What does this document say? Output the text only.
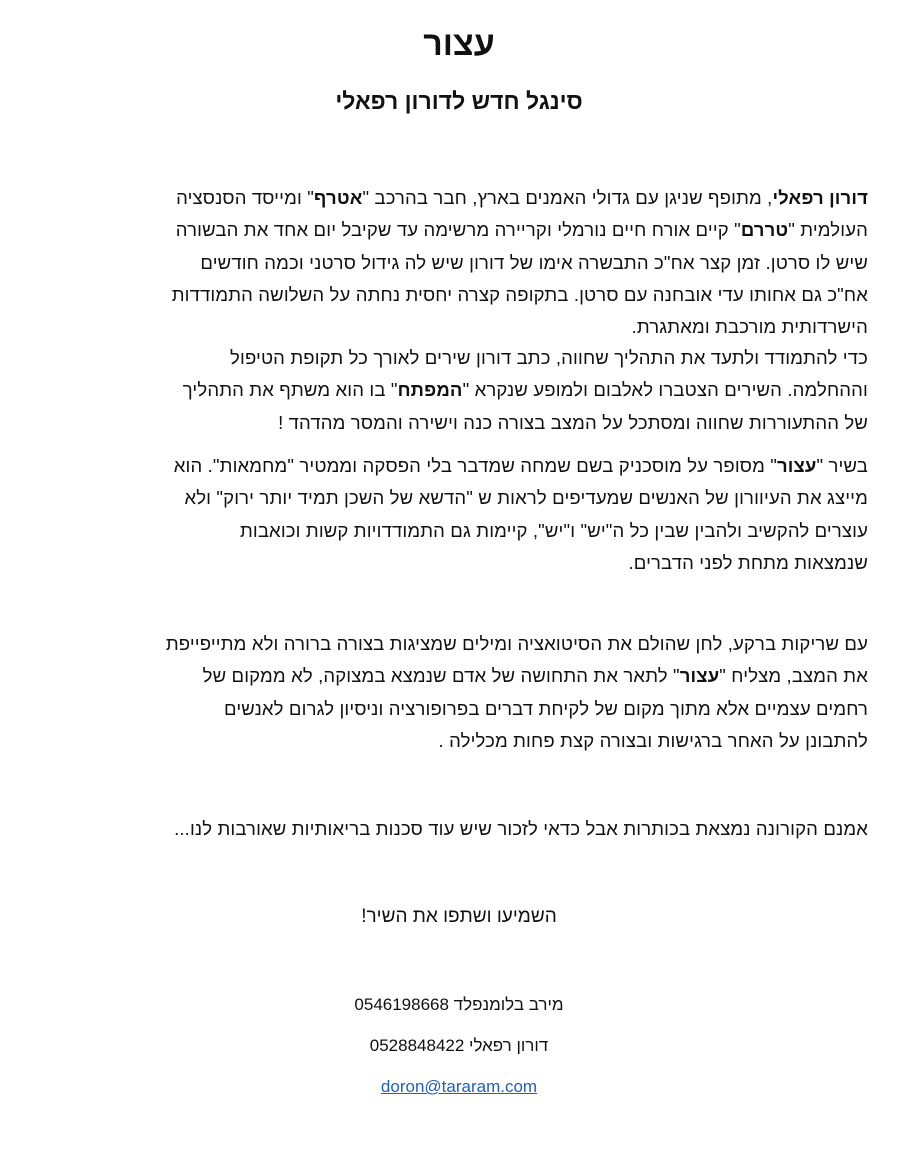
עצור
סינגל חדש לדורון רפאלי
דורון רפאלי, מתופף שניגן עם גדולי האמנים בארץ, חבר בהרכב "אטרף" ומייסד הסנסציה
העולמית "טררם" קיים אורח חיים נורמלי וקריירה מרשימה עד שקיבל יום אחד את הבשורה
שיש לו סרטן. זמן קצר אח"כ התבשרה אימו של דורון שיש לה גידול סרטני וכמה חודשים
אח"כ גם אחותו עדי אובחנה עם סרטן. בתקופה קצרה יחסית נחתה על השלושה התמודדות
הישרדותית מורכבת ומאתגרת.
כדי להתמודד ולתעד את התהליך שחווה, כתב דורון שירים לאורך כל תקופת הטיפול
וההחלמה. השירים הצטברו לאלבום ולמופע שנקרא "המפתח" בו הוא משתף את התהליך
של ההתעוררות שחווה ומסתכל על המצב בצורה כנה וישירה והמסר מהדהד !
בשיר "עצור" מסופר על מוסכניק בשם שמחה שמדבר בלי הפסקה וממטיר "מחמאות". הוא
מייצג את העיוורון של האנשים שמעדיפים לראות ש "הדשא של השכן תמיד יותר ירוק" ולא
עוצרים להקשיב ולהבין שבין כל ה"יש" ו"יש", קיימות גם התמודדויות קשות וכואבות
שנמצאות מתחת לפני הדברים.
עם שריקות ברקע, לחן שהולם את הסיטואציה ומילים שמציגות בצורה ברורה ולא מתייפייפת
את המצב, מצליח "עצור" לתאר את התחושה של אדם שנמצא במצוקה, לא ממקום של
רחמים עצמיים אלא מתוך מקום של לקיחת דברים בפרופורציה וניסיון לגרום לאנשים
להתבונן על האחר ברגישות ובצורה קצת פחות מכלילה .
אמנם הקורונה נמצאת בכותרות אבל כדאי לזכור שיש עוד סכנות בריאותיות שאורבות לנו...

השמיעו ושתפו את השיר!

מירב בלומנפלד 0546198668

דורון רפאלי 0528848422

doron@tararam.com
